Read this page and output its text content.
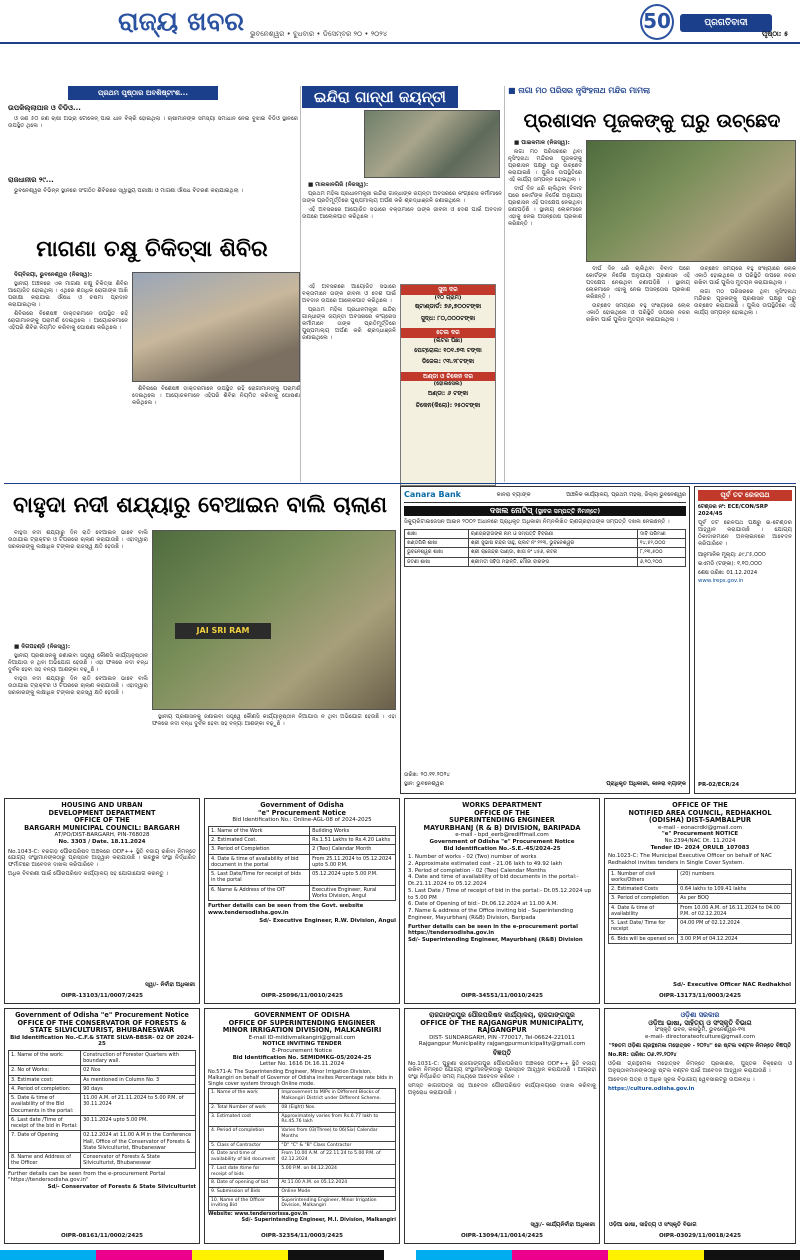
ରାଜ୍ୟ ଖବର ଭୁବନେଶ୍ୱର • ବୁଧବାର • ଡିସେମ୍ବର ୨୦ • ୨୦୨୪
50	ପ୍ରଗତିବାଦୀ
ପୃଷ୍ଠା: ୫
ପ୍ରଥମ ପୃଷ୍ଠାର ଅବଶିଷ୍ଟାଂଶ...
ଉପକିଲ୍ଲାପାଳ ଓ ବିଡିଓ...

ଓ ଜଣ ୫୦ ଜଣ ଚାଷୀ ଅଭ୍ରା ଟୋକେନ୍ ପାଇ ଧାନ ବିକ୍ରି ହୋଇଥିଲା । ଚାଷୀମାନଙ୍କ ସମସ୍ୟା ସମାଧାନ ନେଇ ବୁଝାଇ ବିଡିଓ ସ୍ଥାନରେ ଉପସ୍ଥିତ ଥିଲେ ।

ରାଜଧାନୀର ୨୯...

ଭୁବନେଶ୍ୱର ବିଭିନ୍ନ ସ୍ଥାନରେ ସଂଗଠିତ ଶିବିରରେ ସ୍ୱାସ୍ଥ୍ୟ ପରୀକ୍ଷା ଓ ମାଗଣା ଔଷଧ ବିତରଣ କରାଯାଇଥିଲା ।

ମାଗଣା ଚକ୍ଷୁ ଚିକିତ୍ସା ଶିବିର

ଦିଗ୍ବିଜୟୀ, ଭୁବନେଶ୍ୱର (ନିଜସ୍ୱ):

ସ୍ଥାନୀୟ ଅଞ୍ଚଳରେ ଏକ ମାଗଣା ଚକ୍ଷୁ ଚିକିତ୍ସା ଶିବିର ଆୟୋଜିତ ହୋଇଥିଲା । ଏଥିରେ ଶତାଧିକ ରୋଗୀଙ୍କ ଆଖି ପରୀକ୍ଷା କରାଯାଇ ଔଷଧ ଓ ଚଷମା ପ୍ରଦାନ କରାଯାଇଥିଲା ।

ଶିବିରରେ ବିଶେଷଜ୍ଞ ଡାକ୍ତରମାନେ ଉପସ୍ଥିତ ରହି ରୋଗୀମାନଙ୍କୁ ପରାମର୍ଶ ଦେଇଥିଲେ । ଆୟୋଜକମାନେ ଏହିପରି ଶିବିର ନିୟମିତ କରିବାକୁ ଘୋଷଣା କରିଥିଲେ ।

ଶିବିରରେ ବିଶେଷଜ୍ଞ ଡାକ୍ତରମାନେ ଉପସ୍ଥିତ ରହି ରୋଗୀମାନଙ୍କୁ ପରାମର୍ଶ ଦେଇଥିଲେ । ଆୟୋଜକମାନେ ଏହିପରି ଶିବିର ନିୟମିତ କରିବାକୁ ଘୋଷଣା କରିଥିଲେ ।

ଇନ୍ଦିରା ଗାନ୍ଧୀ ଜୟନ୍ତୀ

■ ମାଲକାନଗିରି (ନିଜସ୍ୱ):

ପ୍ରଥମ ମହିଳା ପ୍ରଧାନମନ୍ତ୍ରୀ ଇନ୍ଦିରା ଗାନ୍ଧୀଙ୍କ ଜୟନ୍ତୀ ଅବସରରେ କଂଗ୍ରେସ କର୍ମୀମାନେ ତାଙ୍କ ପ୍ରତିମୂର୍ତ୍ତିରେ ପୁଷ୍ପମାଲ୍ୟ ଅର୍ପଣ କରି ଶ୍ରଦ୍ଧାଞ୍ଜଳି ଜଣାଇଥିଲେ ।

ଏହି ଅବସରରେ ଆୟୋଜିତ ସଭାରେ ବକ୍ତାମାନେ ତାଙ୍କ ଜୀବନୀ ଓ ଦେଶ ପାଇଁ ଅବଦାନ ଉପରେ ଆଲୋକପାତ କରିଥିଲେ ।

ସୁନା ଦର
(୧୦ ଗ୍ରାମ)
ଷ୍ଟାଣ୍ଡାର୍ଡ: ୭୬,୭୦୦ଟଙ୍କା
ସୁଦ୍ଧ: ୮୦,୦୦୦ଟଙ୍କା
ତେଲ ଦର
(ଲିଟର ପିଛା)
ପେଟ୍ରୋଲ: ୧୦୧.୭୩ ଟଙ୍କା
ଡିଜେଲ: ୯୩.୨୮ଟଙ୍କା
ଅଣ୍ଡା ଓ ଚିକେନ ଦର
(ହୋଲସେଲ)
ଅଣ୍ଡା: ୬ ଟଙ୍କା
ଚିକେନ(କିଲୋ): ୨୫୦ଟଙ୍କା

ଏହି ଅବସରରେ ଆୟୋଜିତ ସଭାରେ ବକ୍ତାମାନେ ତାଙ୍କ ଜୀବନୀ ଓ ଦେଶ ପାଇଁ ଅବଦାନ ଉପରେ ଆଲୋକପାତ କରିଥିଲେ ।

ପ୍ରଥମ ମହିଳା ପ୍ରଧାନମନ୍ତ୍ରୀ ଇନ୍ଦିରା ଗାନ୍ଧୀଙ୍କ ଜୟନ୍ତୀ ଅବସରରେ କଂଗ୍ରେସ କର୍ମୀମାନେ ତାଙ୍କ ପ୍ରତିମୂର୍ତ୍ତିରେ ପୁଷ୍ପମାଲ୍ୟ ଅର୍ପଣ କରି ଶ୍ରଦ୍ଧାଞ୍ଜଳି ଜଣାଇଥିଲେ ।

■ ନାଗା ମଠ ପରିସର ନୃସିଂହନାଥ ମନ୍ଦିର ମାମଲା
ପ୍ରଶାସନ ପୂଜକଙ୍କୁ ଘରୁ ଉଚ୍ଛେଦ

■ ପାଇକମାଳ (ନିଜସ୍ୱ):

ନାଗା ମଠ ପରିସରରେ ଥିବା ନୃସିଂହନାଥ ମନ୍ଦିରର ପୂଜକଙ୍କୁ ପ୍ରଶାସନ ପକ୍ଷରୁ ଘରୁ ଉଚ୍ଛେଦ କରାଯାଇଛି । ପୁଲିସ ଉପସ୍ଥିତିରେ ଏହି କାର୍ଯ୍ୟ ସମ୍ପନ୍ନ ହୋଇଥିଲା ।

ଦୀର୍ଘ ଦିନ ଧରି ଚାଲିଥିବା ବିବାଦ ପରେ କୋର୍ଟଙ୍କ ନିର୍ଦ୍ଦେଶ ଅନୁଯାୟୀ ପ୍ରଶାସନ ଏହି ପଦକ୍ଷେପ ନେଇଥିବା ଜଣାପଡ଼ିଛି । ସ୍ଥାନୀୟ ଲୋକମାନେ ଏହାକୁ ନେଇ ଅସନ୍ତୋଷ ପ୍ରକାଶ କରିଛନ୍ତି ।

ଦୀର୍ଘ ଦିନ ଧରି ଚାଲିଥିବା ବିବାଦ ପରେ କୋର୍ଟଙ୍କ ନିର୍ଦ୍ଦେଶ ଅନୁଯାୟୀ ପ୍ରଶାସନ ଏହି ପଦକ୍ଷେପ ନେଇଥିବା ଜଣାପଡ଼ିଛି । ସ୍ଥାନୀୟ ଲୋକମାନେ ଏହାକୁ ନେଇ ଅସନ୍ତୋଷ ପ୍ରକାଶ କରିଛନ୍ତି ।

ଉଚ୍ଛେଦ ସମୟରେ ବହୁ ସଂଖ୍ୟାରେ ଲୋକ ଏକାଠି ହୋଇଥିଲେ ଓ ପରିସ୍ଥିତି ଉପରେ ନଜର ରଖିବା ପାଇଁ ପୁଲିସ ମୁତୟନ କରାଯାଇଥିଲା ।

ଉଚ୍ଛେଦ ସମୟରେ ବହୁ ସଂଖ୍ୟାରେ ଲୋକ ଏକାଠି ହୋଇଥିଲେ ଓ ପରିସ୍ଥିତି ଉପରେ ନଜର ରଖିବା ପାଇଁ ପୁଲିସ ମୁତୟନ କରାଯାଇଥିଲା ।

ନାଗା ମଠ ପରିସରରେ ଥିବା ନୃସିଂହନାଥ ମନ୍ଦିରର ପୂଜକଙ୍କୁ ପ୍ରଶାସନ ପକ୍ଷରୁ ଘରୁ ଉଚ୍ଛେଦ କରାଯାଇଛି । ପୁଲିସ ଉପସ୍ଥିତିରେ ଏହି କାର୍ଯ୍ୟ ସମ୍ପନ୍ନ ହୋଇଥିଲା ।

ବାହୁଦା ନଦୀ ଶଯ୍ୟାରୁ ବେଆଇନ ବାଲି ଚାଲାଣ

ବାହୁଦା ନଦୀ ଶଯ୍ୟାରୁ ଦିନ ରାତି ବେଆଇନ ଭାବେ ବାଲି ଉଠାଯାଇ ଟ୍ରାକ୍ଟର ଓ ଟିପରରେ ଚାଲାଣ କରାଯାଉଛି । ଏହାଦ୍ୱାରା ସରକାରଙ୍କୁ ଲକ୍ଷାଧିକ ଟଙ୍କାର ରାଜସ୍ୱ କ୍ଷତି ହେଉଛି ।

JAI SRI RAM

■ ଦିଗପହଣ୍ଡି (ନିଜସ୍ୱ):

ସ୍ଥାନୀୟ ପ୍ରଶାସନକୁ ଜଣାଇବା ସତ୍ତ୍ୱେ କୌଣସି କାର୍ଯ୍ୟାନୁଷ୍ଠାନ ନିଆଯାଉ ନ ଥିବା ଅଭିଯୋଗ ହେଉଛି । ଏହା ଫଳରେ ନଦୀ ବନ୍ଧ ଦୁର୍ବଳ ହେବା ସହ ବନ୍ୟା ଆଶଙ୍କା ବଢ଼ୁଛି ।

ବାହୁଦା ନଦୀ ଶଯ୍ୟାରୁ ଦିନ ରାତି ବେଆଇନ ଭାବେ ବାଲି ଉଠାଯାଇ ଟ୍ରାକ୍ଟର ଓ ଟିପରରେ ଚାଲାଣ କରାଯାଉଛି । ଏହାଦ୍ୱାରା ସରକାରଙ୍କୁ ଲକ୍ଷାଧିକ ଟଙ୍କାର ରାଜସ୍ୱ କ୍ଷତି ହେଉଛି ।

ସ୍ଥାନୀୟ ପ୍ରଶାସନକୁ ଜଣାଇବା ସତ୍ତ୍ୱେ କୌଣସି କାର୍ଯ୍ୟାନୁଷ୍ଠାନ ନିଆଯାଉ ନ ଥିବା ଅଭିଯୋଗ ହେଉଛି । ଏହା ଫଳରେ ନଦୀ ବନ୍ଧ ଦୁର୍ବଳ ହେବା ସହ ବନ୍ୟା ଆଶଙ୍କା ବଢ଼ୁଛି ।

Canara Bank	କାନରା ବ୍ୟାଙ୍କ	ଆଞ୍ଚଳିକ କାର୍ଯ୍ୟାଳୟ, ପ୍ରଥମ ମହଲା, ଜିଲ୍ଲା ଭୁବନେଶ୍ୱର
ଦଖଲ ନୋଟିସ୍ (ସ୍ଥାବର ସମ୍ପତ୍ତି ନିମନ୍ତେ)
ସିକ୍ୟୁରିଟାଇଜେସନ ଆଇନ ୨୦୦୨ ଅଧୀନରେ ପ୍ରାଧିକୃତ ଅଧିକାରୀ ନିମ୍ନଲିଖିତ ଋଣଗ୍ରହୀତାଙ୍କ ସମ୍ପତ୍ତି ଦଖଲ ନେଇଛନ୍ତି ।
ଶାଖା	ଋଣଗ୍ରହୀତାଙ୍କ ନାମ ଓ ସମ୍ପତ୍ତି ବିବରଣୀ	ଦାବି ପରିମାଣ
ଖଣ୍ଡଗିରି ଶାଖା	ଶ୍ରୀ ସୁଭାଷ ଚନ୍ଦ୍ର ସାହୁ, ପ୍ଲଟ ନଂ ୧୨୩, ଭୁବନେଶ୍ୱର	୧୪,୫୨,୦୦୦
ଭୁବନେଶ୍ୱର ଶାଖା	ଶ୍ରୀ ରାଜେନ୍ଦ୍ର ପାଣ୍ଡା, ଖାତା ନଂ ୪୫୬, କଟକ	୮,୨୩,୫୦୦
ଜଟଣୀ ଶାଖା	ଶ୍ରୀମତୀ ସବିତା ମହାନ୍ତି, ମୌଜା ବାରଙ୍ଗ	୬,୧୦,୨୦୦
ତାରିଖ: ୨୦.୧୧.୨୦୨୪
ସ୍ଥାନ: ଭୁବନେଶ୍ୱର	ପ୍ରାଧିକୃତ ଅଧିକାରୀ, କାନରା ବ୍ୟାଙ୍କ
ପୂର୍ବ ତଟ ରେଳପଥ
ଟେଣ୍ଡର ନଂ: ECE/CON/SRP 2024/45
ପୂର୍ବ ତଟ ରେଳପଥ ପକ୍ଷରୁ ଇ-ଟେଣ୍ଡର ଆହ୍ୱାନ କରାଯାଉଛି । ଯୋଗ୍ୟ ଠିକାଦାରମାନେ ଅନଲାଇନରେ ଆବେଦନ କରିପାରିବେ ।
ଆନୁମାନିକ ମୂଲ୍ୟ: ୬୯,୮୫,୦୦୦
ଇଏମଡି (ଟଙ୍କା): ୧,୧୦,୦୦୦
ଶେଷ ତାରିଖ: 01.12.2024
www.ireps.gov.in
PR-02/ECR/24
HOUSING AND URBAN
DEVELOPMENT DEPARTMENT
OFFICE OF THE
BARGARH MUNICIPAL COUNCIL: BARGARH
AT/PO/DIST-BARGARH, PIN-768028
No. 3303 / Date. 18.11.2024
No.1043-C: ବରଗଡ଼ ପୌରପରିଷଦ ଅଞ୍ଚଳରେ ODF++ ସ୍ଥିତି ବଜାୟ ରଖିବା ନିମନ୍ତେ ଯୋଗ୍ୟ ସଂସ୍ଥାମାନଙ୍କଠାରୁ ପ୍ରସ୍ତାବ ଆହ୍ୱାନ କରାଯାଉଛି । ଇଚ୍ଛୁକ ସଂସ୍ଥା ନିର୍ଦ୍ଧାରିତ ଫର୍ମାଟରେ ଆବେଦନ ଦାଖଲ କରିପାରିବେ ।
ଅଧିକ ବିବରଣୀ ପାଇଁ ପୌରପରିଷଦ କାର୍ଯ୍ୟାଳୟ ସହ ଯୋଗାଯୋଗ କରନ୍ତୁ ।
ସ୍ୱା/- ନିର୍ବାହୀ ଅଧିକାରୀ
OIPR-13103/11/0007/2425
Government of Odisha
"e" Procurement Notice
Bid Identification No.: Online-AGL-08 of 2024-2025
1. Name of the Work	Building Works
2. Estimated Cost.	Rs.1.51 Lakhs to Rs.4.20 Lakhs
3. Period of Completion	2 (Two) Calendar Month
4. Date & time of availability of bid document in the portal	From 25.11.2024 to 05.12.2024 upto 5.00 P.M.
5. Last Date/Time for receipt of bids in the portal	05.12.2024 upto 5.00 P.M.
6. Name & Address of the OIT	Executive Engineer, Rural Works Division, Angul
Further details can be seen from the Govt. website www.tendersodisha.gov.in
Sd/- Executive Engineer, R.W. Division, Angul
OIPR-25096/11/0010/2425
WORKS DEPARTMENT
OFFICE OF THE
SUPERINTENDING ENGINEER
MAYURBHANJ (R & B) DIVISION, BARIPADA
e-mail - bpd_eerb@rediffmail.com
Government of Odisha "e" Procurement Notice
Bid Identification No.-S.E.-45/2024-25
1. Number of works - 02 (Two) number of works
2. Approximate estimated cost - 21.06 lakh to 49.92 lakh
3. Period of completion - 02 (Two) Calendar Months
4. Date and time of availability of bid documents in the portal:- Dt.21.11.2024 to 05.12.2024
5. Last Date / Time of receipt of bid in the portal:- Dt.05.12.2024 up to 5.00 PM
6. Date of Opening of bid:- Dt.06.12.2024 at 11.00 A.M.
7. Name & address of the Office inviting bid - Superintending Engineer, Mayurbhanj (R&B) Division, Baripada
Further details can be seen in the e-procurement portal https://tendersodisha.gov.in
Sd/- Superintending Engineer, Mayurbhanj (R&B) Division
OIPR-34551/11/0010/2425
OFFICE OF THE
NOTIFIED AREA COUNCIL, REDHAKHOL
(ODISHA) DIST-SAMBALPUR
e-mail - eonacrdkl@gmail.com
"e" Procurement NOTICE
No.2394/NAC Dt. 11.2024
Tender ID- 2024_ORULB_107083
No.1023-C: The Municipal Executive Officer on behalf of NAC Redhakhol invites tenders in Single Cover System.
1. Number of civil works/Others	(20) numbers
2. Estimated Costs	0.64 lakhs to 109.41 lakhs
3. Period of completion	As per BOQ
4. Date & time of availability	From 10.00 A.M. of 16.11.2024 to 04.00 P.M. of 02.12.2024
5. Last Date/ Time for receipt	04.00 PM of 02.12.2024
6. Bids will be opened on	3.00 P.M of 04.12.2024
Sd/- Executive Officer NAC Redhakhol
OIPR-13173/11/0003/2425
Government of Odisha "e" Procurement Notice
OFFICE OF THE CONSERVATOR OF FORESTS &
STATE SILVICULTURIST, BHUBANESWAR
Bid Identification No.-C.F.& STATE SILVA-BBSR- 02 OF 2024-25
1. Name of the work:	Construction of Forester Quarters with boundary wall.
2. No of Works:	02 Nos
3. Estimate cost:	As mentioned in Column No. 3
4. Period of completion:	90 days
5. Date & time of availability of the Bid Documents in the portal:	11.00 A.M. of 21.11.2024 to 5.00 P.M. of 30.11.2024
6. Last date /Time of receipt of the bid in Portal:	30.11.2024 upto 5.00 PM.
7. Date of Opening	02.12.2024 at 11.00 A.M in the Conference Hall, Office of the Conservator of Forests & State Silviculturist, Bhubaneswar
8. Name and Address of the Officer	Conservator of Forests & State Silviculturist, Bhubaneswar
Further details can be seen from the e-procurement Portal "https://tendersodisha.gov.in"
Sd/- Conservator of Forests & State Silviculturist
OIPR-08161/11/0002/2425
GOVERNMENT OF ODISHA
OFFICE OF SUPERINTENDING ENGINEER
MINOR IRRIGATION DIVISION, MALKANGIRI
E-mail ID-mildivmalkangiri@gmail.com
NOTICE INVITING TENDER
E-Procurement Notice
Bid Identification No. SEMIDMKG-05/2024-25
Letter No. 1616 Dt.16.11.2024
No.571-A: The Superintending Engineer, Minor Irrigation Division, Malkangiri on behalf of Governor of Odisha invites Percentage rate bids in Single cover system through Online mode.
1. Name of the work	Improvement to MIPs in Different Blocks of Malkangiri District under Different Scheme.
2. Total Number of work	08 (Eight) Nos.
3. Estimated cost	Approximately varies from Rs.6.77 lakh to Rs.45.76 lakh
4. Period of completion	Varies from 03(Three) to 06(Six) Calendar Months
5. Class of Contractor	"D" "C" & "B" Class Contractor
6. Date and time of availability of bid document	From 10.00 A.M. of 22.11.24 to 5.00 P.M. of 02.12.2024
7. Last date /time for receipt of bids	5.00 P.M. on 04.12.2024
8. Date of opening of bid	At 11.00 A.M. on 05.12.2024
9. Submission of Bids	Online Mode
10. Name of the Officer inviting Bid	Superintending Engineer, Minor Irrigation Division, Malkangiri
Website: www.tendersorissa.gov.in
Sd/- Superintending Engineer, M.I. Division, Malkangiri
OIPR-32354/11/0003/2425
ରାଜଗାଙ୍ଗପୁର ପୌରପରିଷଦ କାର୍ଯ୍ୟାଳୟ, ରାଜଗାଙ୍ଗପୁର
OFFICE OF THE RAJGANGPUR MUNICIPALITY,
RAJGANGPUR
DIST- SUNDARGARH, PIN -770017, Tel-06624-221011
Rajgangpur Municipality rajgangpurmunicipality@gmail.com
ବିଜ୍ଞପ୍ତି
No.1031-C: ପୁରୁଣା ରାଜଗାଙ୍ଗପୁର ପୌରପରିଷଦ ଅଞ୍ଚଳରେ ODF++ ସ୍ଥିତି ବଜାୟ ରଖିବା ନିମନ୍ତେ ଯୋଗ୍ୟ ସଂସ୍ଥାମାନଙ୍କଠାରୁ ପ୍ରସ୍ତାବ ଆହ୍ୱାନ କରାଯାଉଛି । ଆଗ୍ରହୀ ସଂସ୍ଥା ନିର୍ଦ୍ଧାରିତ ସମୟ ମଧ୍ୟରେ ଆବେଦନ କରିବେ ।
ସମସ୍ତ କାଗଜପତ୍ର ସହ ଆବେଦନ ପୌରପରିଷଦ କାର୍ଯ୍ୟାଳୟରେ ଦାଖଲ କରିବାକୁ ଅନୁରୋଧ କରାଯାଉଛି ।
ସ୍ୱା/- କାର୍ଯ୍ୟନିର୍ବାହୀ ଅଧିକାରୀ
OIPR-13094/11/0014/2425
ଓଡ଼ିଶା ସରକାର
ଓଡ଼ିଆ ଭାଷା, ସାହିତ୍ୟ ଓ ସଂସ୍କୃତି ବିଭାଗ
ସଂସ୍କୃତି ଭବନ, କଳାଭୂମି, ଭୁବନେଶ୍ୱର-୧୩
e-mail- directorateofculture@gmail.com
"୨୭ତମ ଓଡ଼ିଶା ଗ୍ରନ୍ଥମେଳା ମହୋତ୍ସବ - ୨୦୨୪" ରେ ଷ୍ଟଲ ବଣ୍ଟନ ନିମନ୍ତେ ବିଜ୍ଞପ୍ତି
No.RR: ତାରିଖ: ୦୬.୧୨.୨୦୨୪
ଓଡ଼ିଶା ଗ୍ରନ୍ଥମେଳା ମହୋତ୍ସବ ନିମନ୍ତେ ପ୍ରକାଶକ, ପୁସ୍ତକ ବିକ୍ରେତା ଓ ଅନୁଷ୍ଠାନମାନଙ୍କଠାରୁ ଷ୍ଟଲ ବଣ୍ଟନ ପାଇଁ ଆବେଦନ ଆହ୍ୱାନ କରାଯାଉଛି ।
ଆବେଦନ ପତ୍ର ଓ ଅଧିକ ସୂଚନା ବିଭାଗୀୟ ୱେବସାଇଟରୁ ଉପଲବ୍ଧ ।
https://culture.odisha.gov.in
ଓଡ଼ିଆ ଭାଷା, ସାହିତ୍ୟ ଓ ସଂସ୍କୃତି ବିଭାଗ
OIPR-03029/11/0018/2425
